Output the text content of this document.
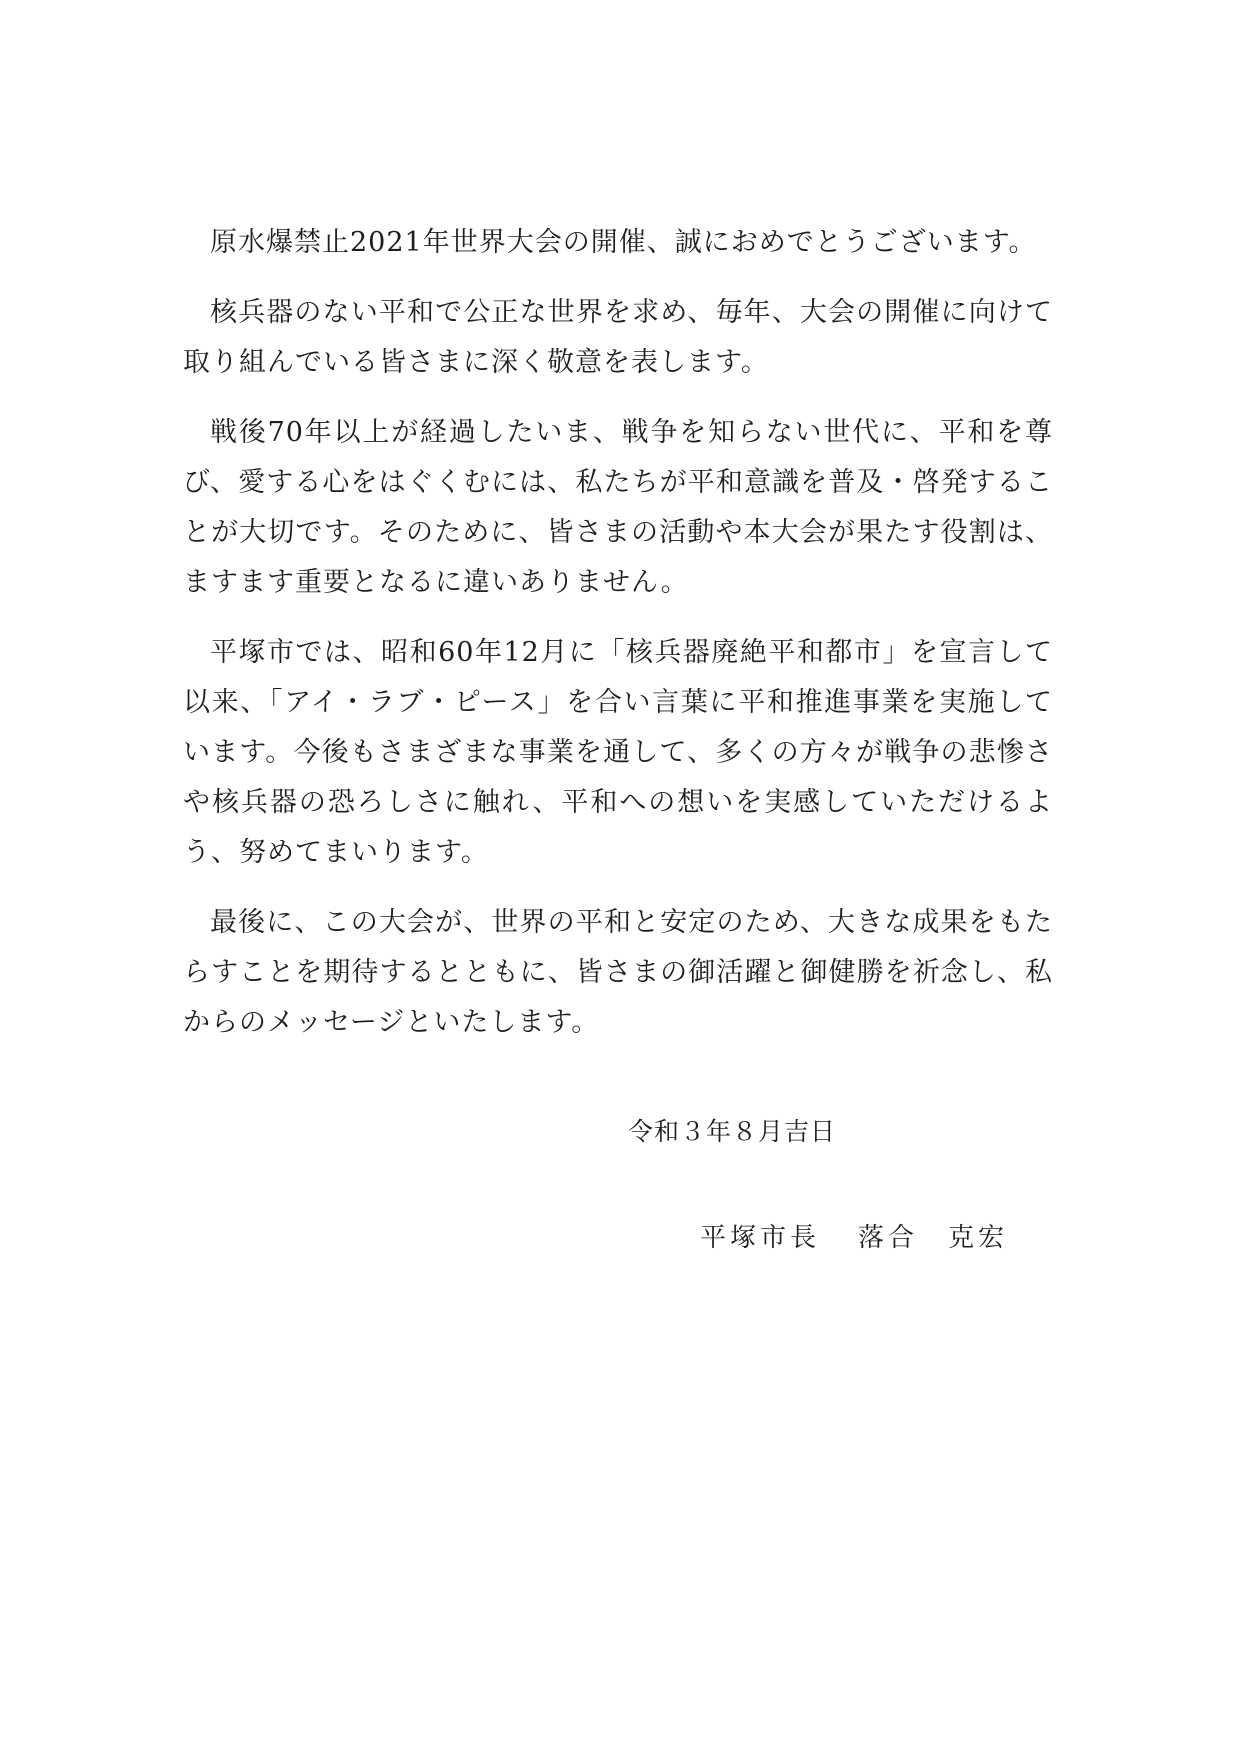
原水爆禁止2021年世界大会の開催、誠におめでとうございます。

核兵器のない平和で公正な世界を求め、毎年、大会の開催に向けて取り組んでいる皆さまに深く敬意を表します。

戦後70年以上が経過したいま、戦争を知らない世代に、平和を尊び、愛する心をはぐくむには、私たちが平和意識を普及・啓発することが大切です。そのために、皆さまの活動や本大会が果たす役割は、ますます重要となるに違いありません。

平塚市では、昭和60年12月に「核兵器廃絶平和都市」を宣言して以来、「アイ・ラブ・ピース」を合い言葉に平和推進事業を実施しています。今後もさまざまな事業を通して、多くの方々が戦争の悲惨さや核兵器の恐ろしさに触れ、平和への想いを実感していただけるよう、努めてまいります。

最後に、この大会が、世界の平和と安定のため、大きな成果をもたらすことを期待するとともに、皆さまの御活躍と御健勝を祈念し、私からのメッセージといたします。

令和３年８月吉日
平塚市長 落合　克宏
